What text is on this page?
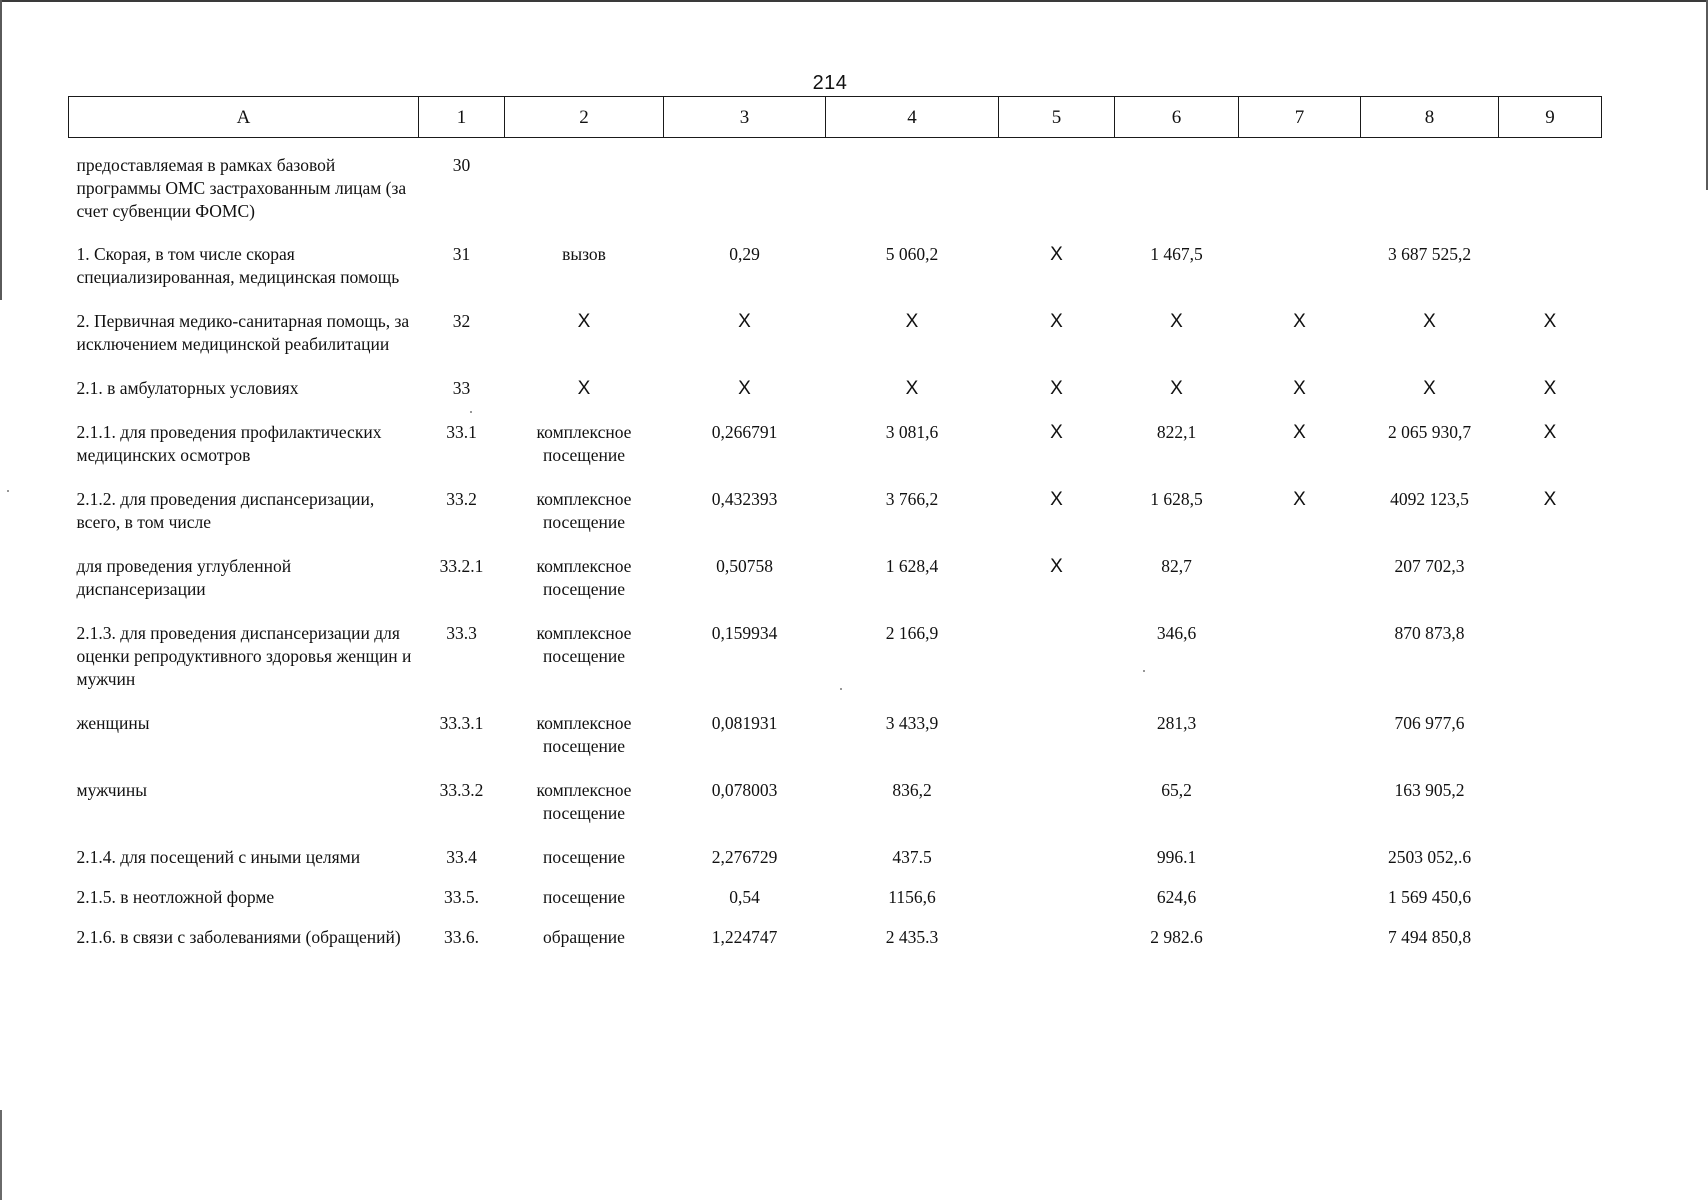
214
А	1	2	3	4	5	6	7	8	9
предоставляемая в рамках базовой программы ОМС застрахованным лицам (за счет субвенции ФОМС)	30								
1. Скорая, в том числе скорая специализированная, медицинская помощь	31	вызов	0,29	5 060,2	Х	1 467,5		3 687 525,2	
2. Первичная медико-санитарная помощь, за исключением медицинской реабилитации	32	Х	Х	Х	Х	Х	Х	Х	Х
2.1. в амбулаторных условиях	33	Х	Х	Х	Х	Х	Х	Х	Х
2.1.1. для проведения профилактических медицинских осмотров	33.1	комплексное посещение	0,266791	3 081,6	Х	822,1	Х	2 065 930,7	Х
2.1.2. для проведения диспансеризации, всего, в том числе	33.2	комплексное посещение	0,432393	3 766,2	Х	1 628,5	Х	4092 123,5	Х
для проведения углубленной диспансеризации	33.2.1	комплексное посещение	0,50758	1 628,4	Х	82,7		207 702,3	
2.1.3. для проведения диспансеризации для оценки репродуктивного здоровья женщин и мужчин	33.3	комплексное посещение	0,159934	2 166,9		346,6		870 873,8	
женщины	33.3.1	комплексное посещение	0,081931	3 433,9		281,3		706 977,6	
мужчины	33.3.2	комплексное посещение	0,078003	836,2		65,2		163 905,2	
2.1.4. для посещений с иными целями	33.4	посещение	2,276729	437.5		996.1		2503 052,.6	
2.1.5. в неотложной форме	33.5.	посещение	0,54	1156,6		624,6		1 569 450,6	
2.1.6. в связи с заболеваниями (обращений)	33.6.	обращение	1,224747	2 435.3		2 982.6		7 494 850,8	
